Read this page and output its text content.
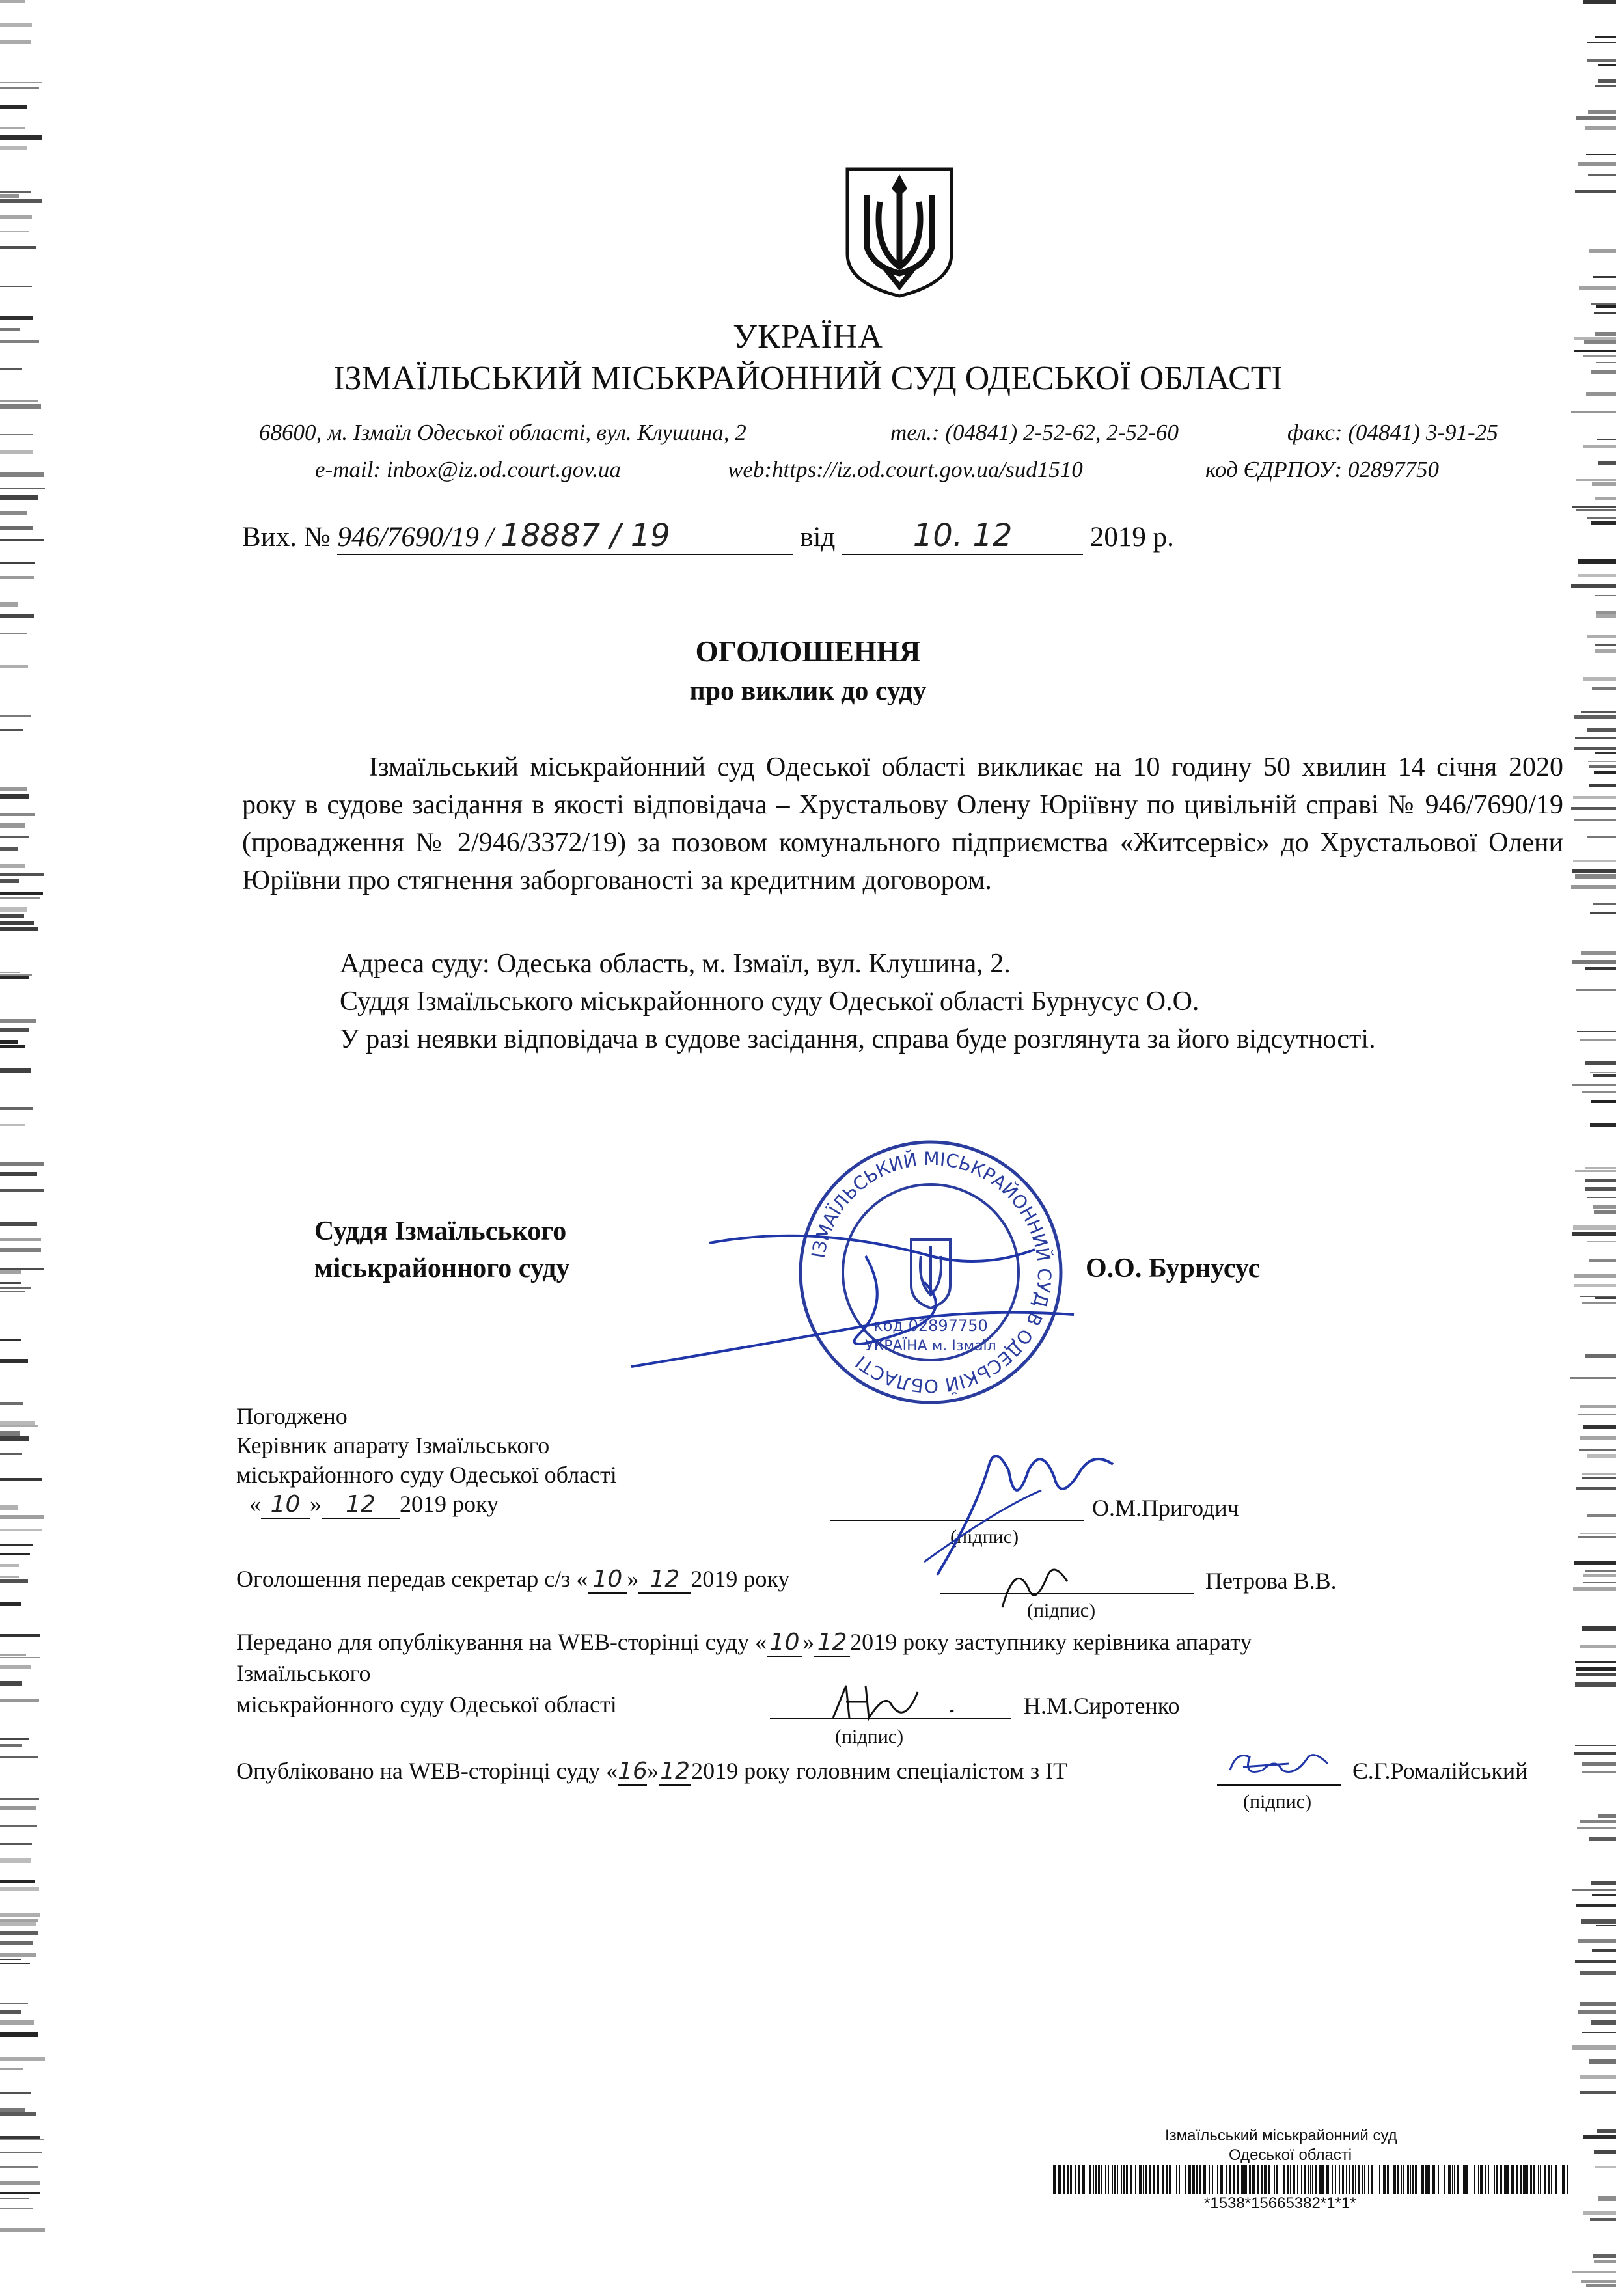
УКРАЇНА
ІЗМАЇЛЬСЬКИЙ МІСЬКРАЙОННИЙ СУД ОДЕСЬКОЇ ОБЛАСТІ
68600, м. Ізмаїл Одеської області, вул. Клушина, 2	тел.: (04841) 2-52-62, 2-52-60	факс: (04841) 3-91-25
e-mail: inbox@iz.od.court.gov.ua	web:https://iz.od.court.gov.ua/sud1510	код ЄДРПОУ: 02897750
Вих. № 946/7690/19 / 18887 / 19	від 10. 12	2019 р.
ОГОЛОШЕННЯ
про виклик до суду
Ізмаїльський міськрайонний суд Одеської області викликає на 10 годину 50 хвилин 14 січня 2020 року в судове засідання в якості відповідача – Хрустальову Олену Юріївну по цивільній справі № 946/7690/19 (провадження № 2/946/3372/19) за позовом комунального підприємства «Житсервіс» до Хрустальової Олени Юріївни про стягнення заборгованості за кредитним договором.
Адреса суду: Одеська область, м. Ізмаїл, вул. Клушина, 2.
Суддя Ізмаїльського міськрайонного суду Одеської області Бурнусус О.О.
У разі неявки відповідача в судове засідання, справа буде розглянута за його відсутності.
Суддя Ізмаїльського
міськрайонного суду	О.О. Бурнусус
ІЗМАЇЛЬСЬКИЙ МІСЬКРАЙОННИЙ СУД В ОДЕСЬКІЙ ОБЛАСТІ
код 02897750
УКРАЇНА м. Ізмаїл
Погоджено
Керівник апарату Ізмаїльського
міськрайонного суду Одеської області
« 10 » 12 2019 року	О.М.Пригодич
(підпис)
Оголошення передав секретар с/з « 10 » 12 2019 року	Петрова В.В.
(підпис)
Передано для опублікування на WEB-сторінці суду « 10 » 12 2019 року заступнику керівника апарату
Ізмаїльського
міськрайонного суду Одеської області	Н.М.Сиротенко
(підпис)
Опубліковано на WEB-сторінці суду «16»122019 року головним спеціалістом з ІТ	Є.Г.Ромалійський
(підпис)
Ізмаїльський міськрайонний суд
Одеської області
*1538*15665382*1*1*
